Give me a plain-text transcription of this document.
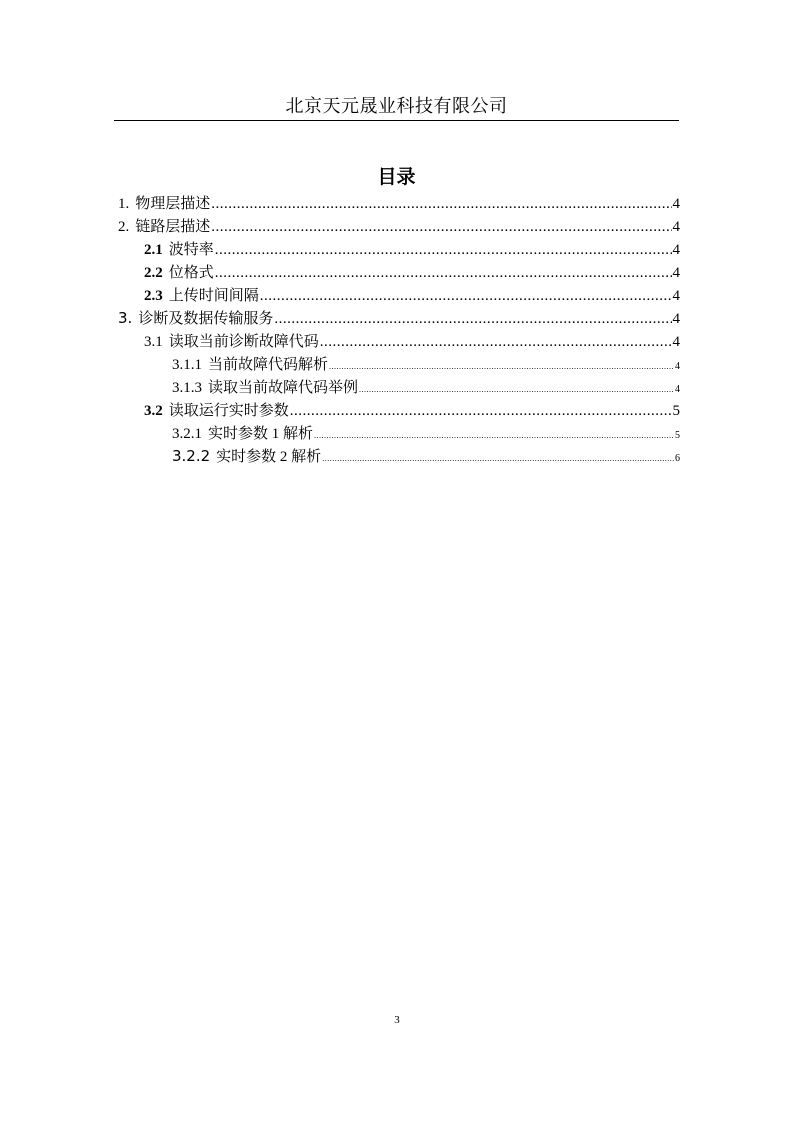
北京天元晟业科技有限公司
目录
1. 物理层描述 .....	4
2. 链路层描述 .....	4
2.1 波特率 .....	4
2.2 位格式 .....	4
2.3 上传时间间隔 .....	4
3. 诊断及数据传输服务 .....	4
3.1 读取当前诊断故障代码 .....	4
3.1.1 当前故障代码解析 .....	4
3.1.3 读取当前故障代码举例 .....	4
3.2 读取运行实时参数 .....	5
3.2.1 实时参数 1 解析 .....	5
3.2.2 实时参数 2 解析 .....	6
3
